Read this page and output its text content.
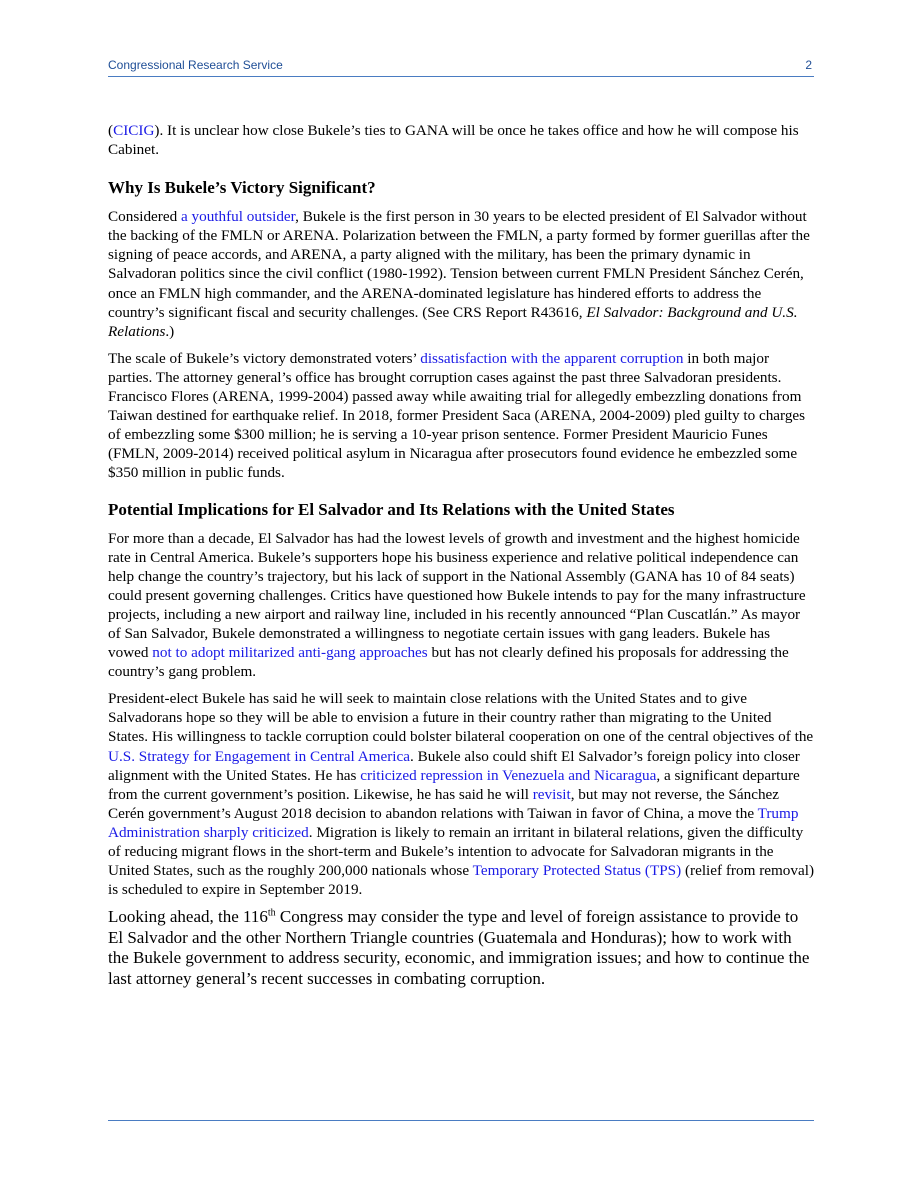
Congressional Research Service	2

(CICIG). It is unclear how close Bukele’s ties to GANA will be once he takes office and how he will compose his Cabinet.

Why Is Bukele’s Victory Significant?

Considered a youthful outsider, Bukele is the first person in 30 years to be elected president of El Salvador without the backing of the FMLN or ARENA. Polarization between the FMLN, a party formed by former guerillas after the signing of peace accords, and ARENA, a party aligned with the military, has been the primary dynamic in Salvadoran politics since the civil conflict (1980-1992). Tension between current FMLN President Sánchez Cerén, once an FMLN high commander, and the ARENA-dominated legislature has hindered efforts to address the country’s significant fiscal and security challenges. (See CRS Report R43616, El Salvador: Background and U.S. Relations.)

The scale of Bukele’s victory demonstrated voters’ dissatisfaction with the apparent corruption in both major parties. The attorney general’s office has brought corruption cases against the past three Salvadoran presidents. Francisco Flores (ARENA, 1999-2004) passed away while awaiting trial for allegedly embezzling donations from Taiwan destined for earthquake relief. In 2018, former President Saca (ARENA, 2004-2009) pled guilty to charges of embezzling some $300 million; he is serving a 10-year prison sentence. Former President Mauricio Funes (FMLN, 2009-2014) received political asylum in Nicaragua after prosecutors found evidence he embezzled some $350 million in public funds.

Potential Implications for El Salvador and Its Relations with the United States

For more than a decade, El Salvador has had the lowest levels of growth and investment and the highest homicide rate in Central America. Bukele’s supporters hope his business experience and relative political independence can help change the country’s trajectory, but his lack of support in the National Assembly (GANA has 10 of 84 seats) could present governing challenges. Critics have questioned how Bukele intends to pay for the many infrastructure projects, including a new airport and railway line, included in his recently announced “Plan Cuscatlán.” As mayor of San Salvador, Bukele demonstrated a willingness to negotiate certain issues with gang leaders. Bukele has vowed not to adopt militarized anti-gang approaches but has not clearly defined his proposals for addressing the country’s gang problem.

President-elect Bukele has said he will seek to maintain close relations with the United States and to give Salvadorans hope so they will be able to envision a future in their country rather than migrating to the United States. His willingness to tackle corruption could bolster bilateral cooperation on one of the central objectives of the U.S. Strategy for Engagement in Central America. Bukele also could shift El Salvador’s foreign policy into closer alignment with the United States. He has criticized repression in Venezuela and Nicaragua, a significant departure from the current government’s position. Likewise, he has said he will revisit, but may not reverse, the Sánchez Cerén government’s August 2018 decision to abandon relations with Taiwan in favor of China, a move the Trump Administration sharply criticized. Migration is likely to remain an irritant in bilateral relations, given the difficulty of reducing migrant flows in the short-term and Bukele’s intention to advocate for Salvadoran migrants in the United States, such as the roughly 200,000 nationals whose Temporary Protected Status (TPS) (relief from removal) is scheduled to expire in September 2019.

Looking ahead, the 116th Congress may consider the type and level of foreign assistance to provide to El Salvador and the other Northern Triangle countries (Guatemala and Honduras); how to work with the Bukele government to address security, economic, and immigration issues; and how to continue the last attorney general’s recent successes in combating corruption.
